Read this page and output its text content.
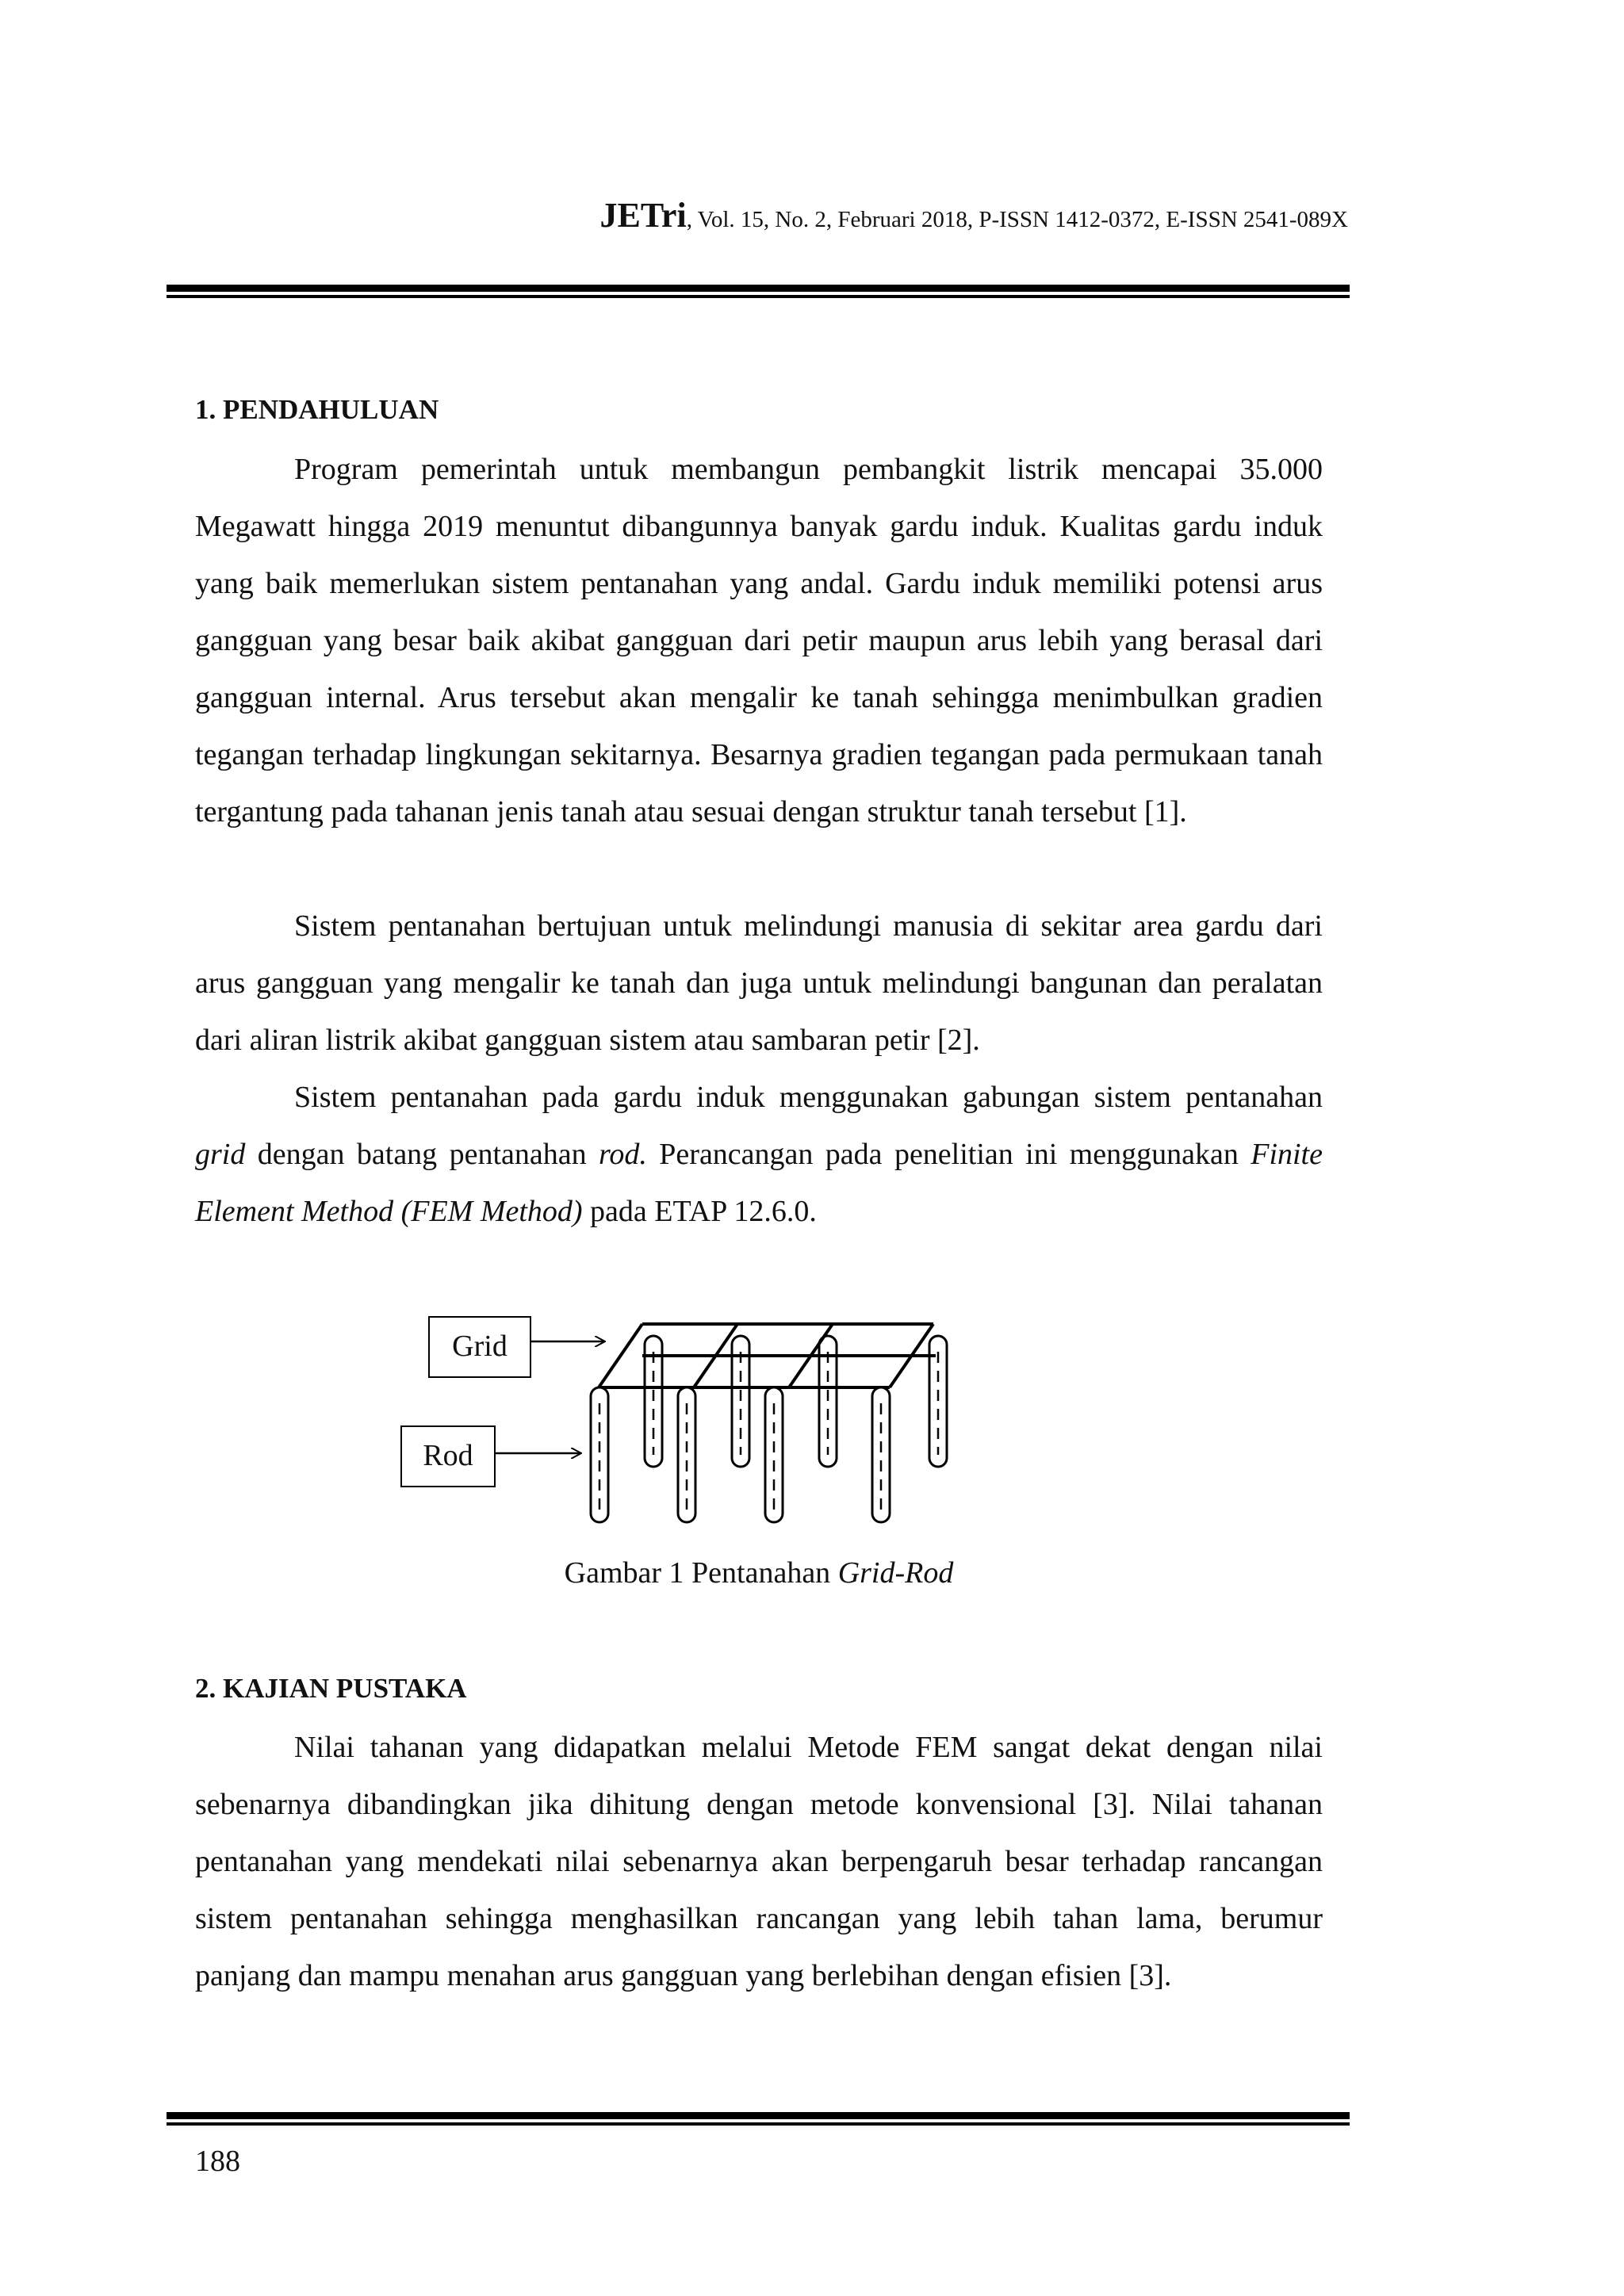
JETri, Vol. 15, No. 2, Februari 2018, P-ISSN 1412-0372, E-ISSN 2541-089X
1. PENDAHULUAN

Program pemerintah untuk membangun pembangkit listrik mencapai 35.000 Megawatt hingga 2019 menuntut dibangunnya banyak gardu induk. Kualitas gardu induk yang baik memerlukan sistem pentanahan yang andal. Gardu induk memiliki potensi arus gangguan yang besar baik akibat gangguan dari petir maupun arus lebih yang berasal dari gangguan internal. Arus tersebut akan mengalir ke tanah sehingga menimbulkan gradien tegangan terhadap lingkungan sekitarnya. Besarnya gradien tegangan pada permukaan tanah tergantung pada tahanan jenis tanah atau sesuai dengan struktur tanah tersebut [1].

Sistem pentanahan bertujuan untuk melindungi manusia di sekitar area gardu dari arus gangguan yang mengalir ke tanah dan juga untuk melindungi bangunan dan peralatan dari aliran listrik akibat gangguan sistem atau sambaran petir [2].

Sistem pentanahan pada gardu induk menggunakan gabungan sistem pentanahan grid dengan batang pentanahan rod. Perancangan pada penelitian ini menggunakan Finite Element Method (FEM Method) pada ETAP 12.6.0.

Grid
Rod
Gambar 1 Pentanahan Grid-Rod
2. KAJIAN PUSTAKA

Nilai tahanan yang didapatkan melalui Metode FEM sangat dekat dengan nilai sebenarnya dibandingkan jika dihitung dengan metode konvensional [3]. Nilai tahanan pentanahan yang mendekati nilai sebenarnya akan berpengaruh besar terhadap rancangan sistem pentanahan sehingga menghasilkan rancangan yang lebih tahan lama, berumur panjang dan mampu menahan arus gangguan yang berlebihan dengan efisien [3].

188
